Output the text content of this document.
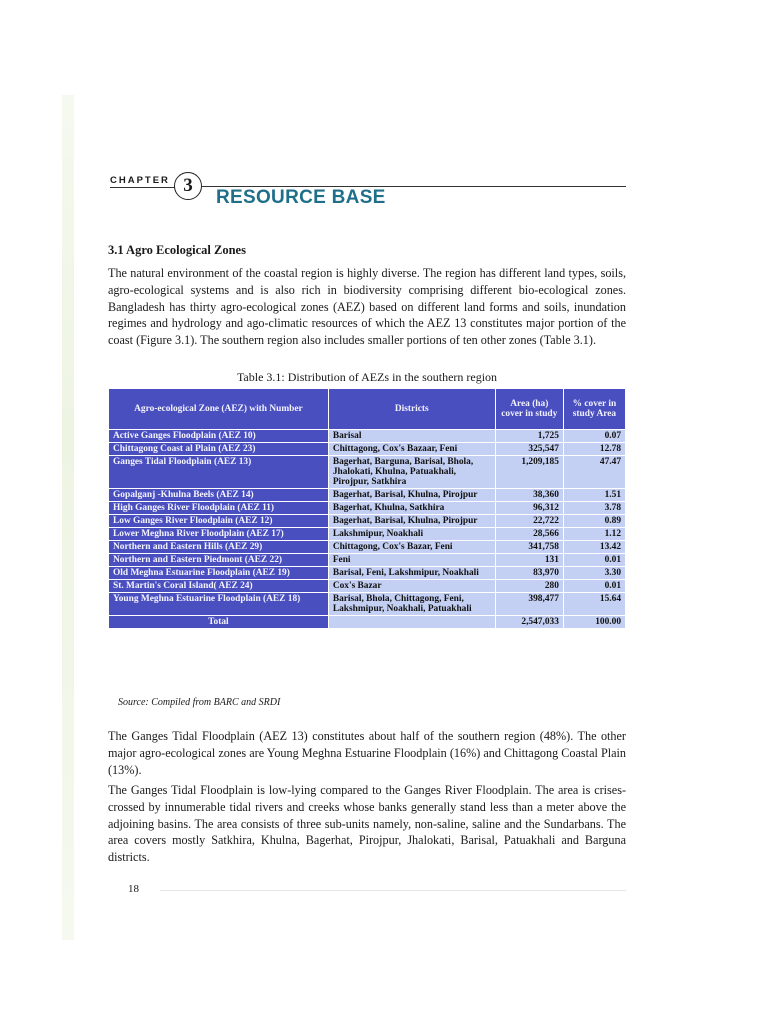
CHAPTER 3
RESOURCE BASE
3.1 Agro Ecological Zones
The natural environment of the coastal region is highly diverse. The region has different land types, soils, agro-ecological systems and is also rich in biodiversity comprising different bio-ecological zones. Bangladesh has thirty agro-ecological zones (AEZ) based on different land forms and soils, inundation regimes and hydrology and ago-climatic resources of which the AEZ 13 constitutes major portion of the coast (Figure 3.1). The southern region also includes smaller portions of ten other zones (Table 3.1).
Table 3.1: Distribution of AEZs in the southern region
Agro-ecological Zone (AEZ) with Number	Districts	Area (ha) cover in study	% cover in study Area
Active Ganges Floodplain (AEZ 10)	Barisal	1,725	0.07
Chittagong Coast al Plain (AEZ 23)	Chittagong, Cox's Bazaar, Feni	325,547	12.78
Ganges Tidal Floodplain (AEZ 13)	Bagerhat, Barguna, Barisal, Bhola, Jhalokati, Khulna, Patuakhali, Pirojpur, Satkhira	1,209,185	47.47
Gopalganj -Khulna Beels (AEZ 14)	Bagerhat, Barisal, Khulna, Pirojpur	38,360	1.51
High Ganges River Floodplain (AEZ 11)	Bagerhat, Khulna, Satkhira	96,312	3.78
Low Ganges River Floodplain (AEZ 12)	Bagerhat, Barisal, Khulna, Pirojpur	22,722	0.89
Lower Meghna River Floodplain (AEZ 17)	Lakshmipur, Noakhali	28,566	1.12
Northern and Eastern Hills (AEZ 29)	Chittagong, Cox's Bazar, Feni	341,758	13.42
Northern and Eastern Piedmont (AEZ 22)	Feni	131	0.01
Old Meghna Estuarine Floodplain (AEZ 19)	Barisal, Feni, Lakshmipur, Noakhali	83,970	3.30
St. Martin's Coral Island( AEZ 24)	Cox's Bazar	280	0.01
Young Meghna Estuarine Floodplain (AEZ 18)	Barisal, Bhola, Chittagong, Feni, Lakshmipur, Noakhali, Patuakhali	398,477	15.64
Total		2,547,033	100.00
Source: Compiled from BARC and SRDI
The Ganges Tidal Floodplain (AEZ 13) constitutes about half of the southern region (48%). The other major agro-ecological zones are Young Meghna Estuarine Floodplain (16%) and Chittagong Coastal Plain (13%).
The Ganges Tidal Floodplain is low-lying compared to the Ganges River Floodplain. The area is crises-crossed by innumerable tidal rivers and creeks whose banks generally stand less than a meter above the adjoining basins. The area consists of three sub-units namely, non-saline, saline and the Sundarbans. The area covers mostly Satkhira, Khulna, Bagerhat, Pirojpur, Jhalokati, Barisal, Patuakhali and Barguna districts.
18
